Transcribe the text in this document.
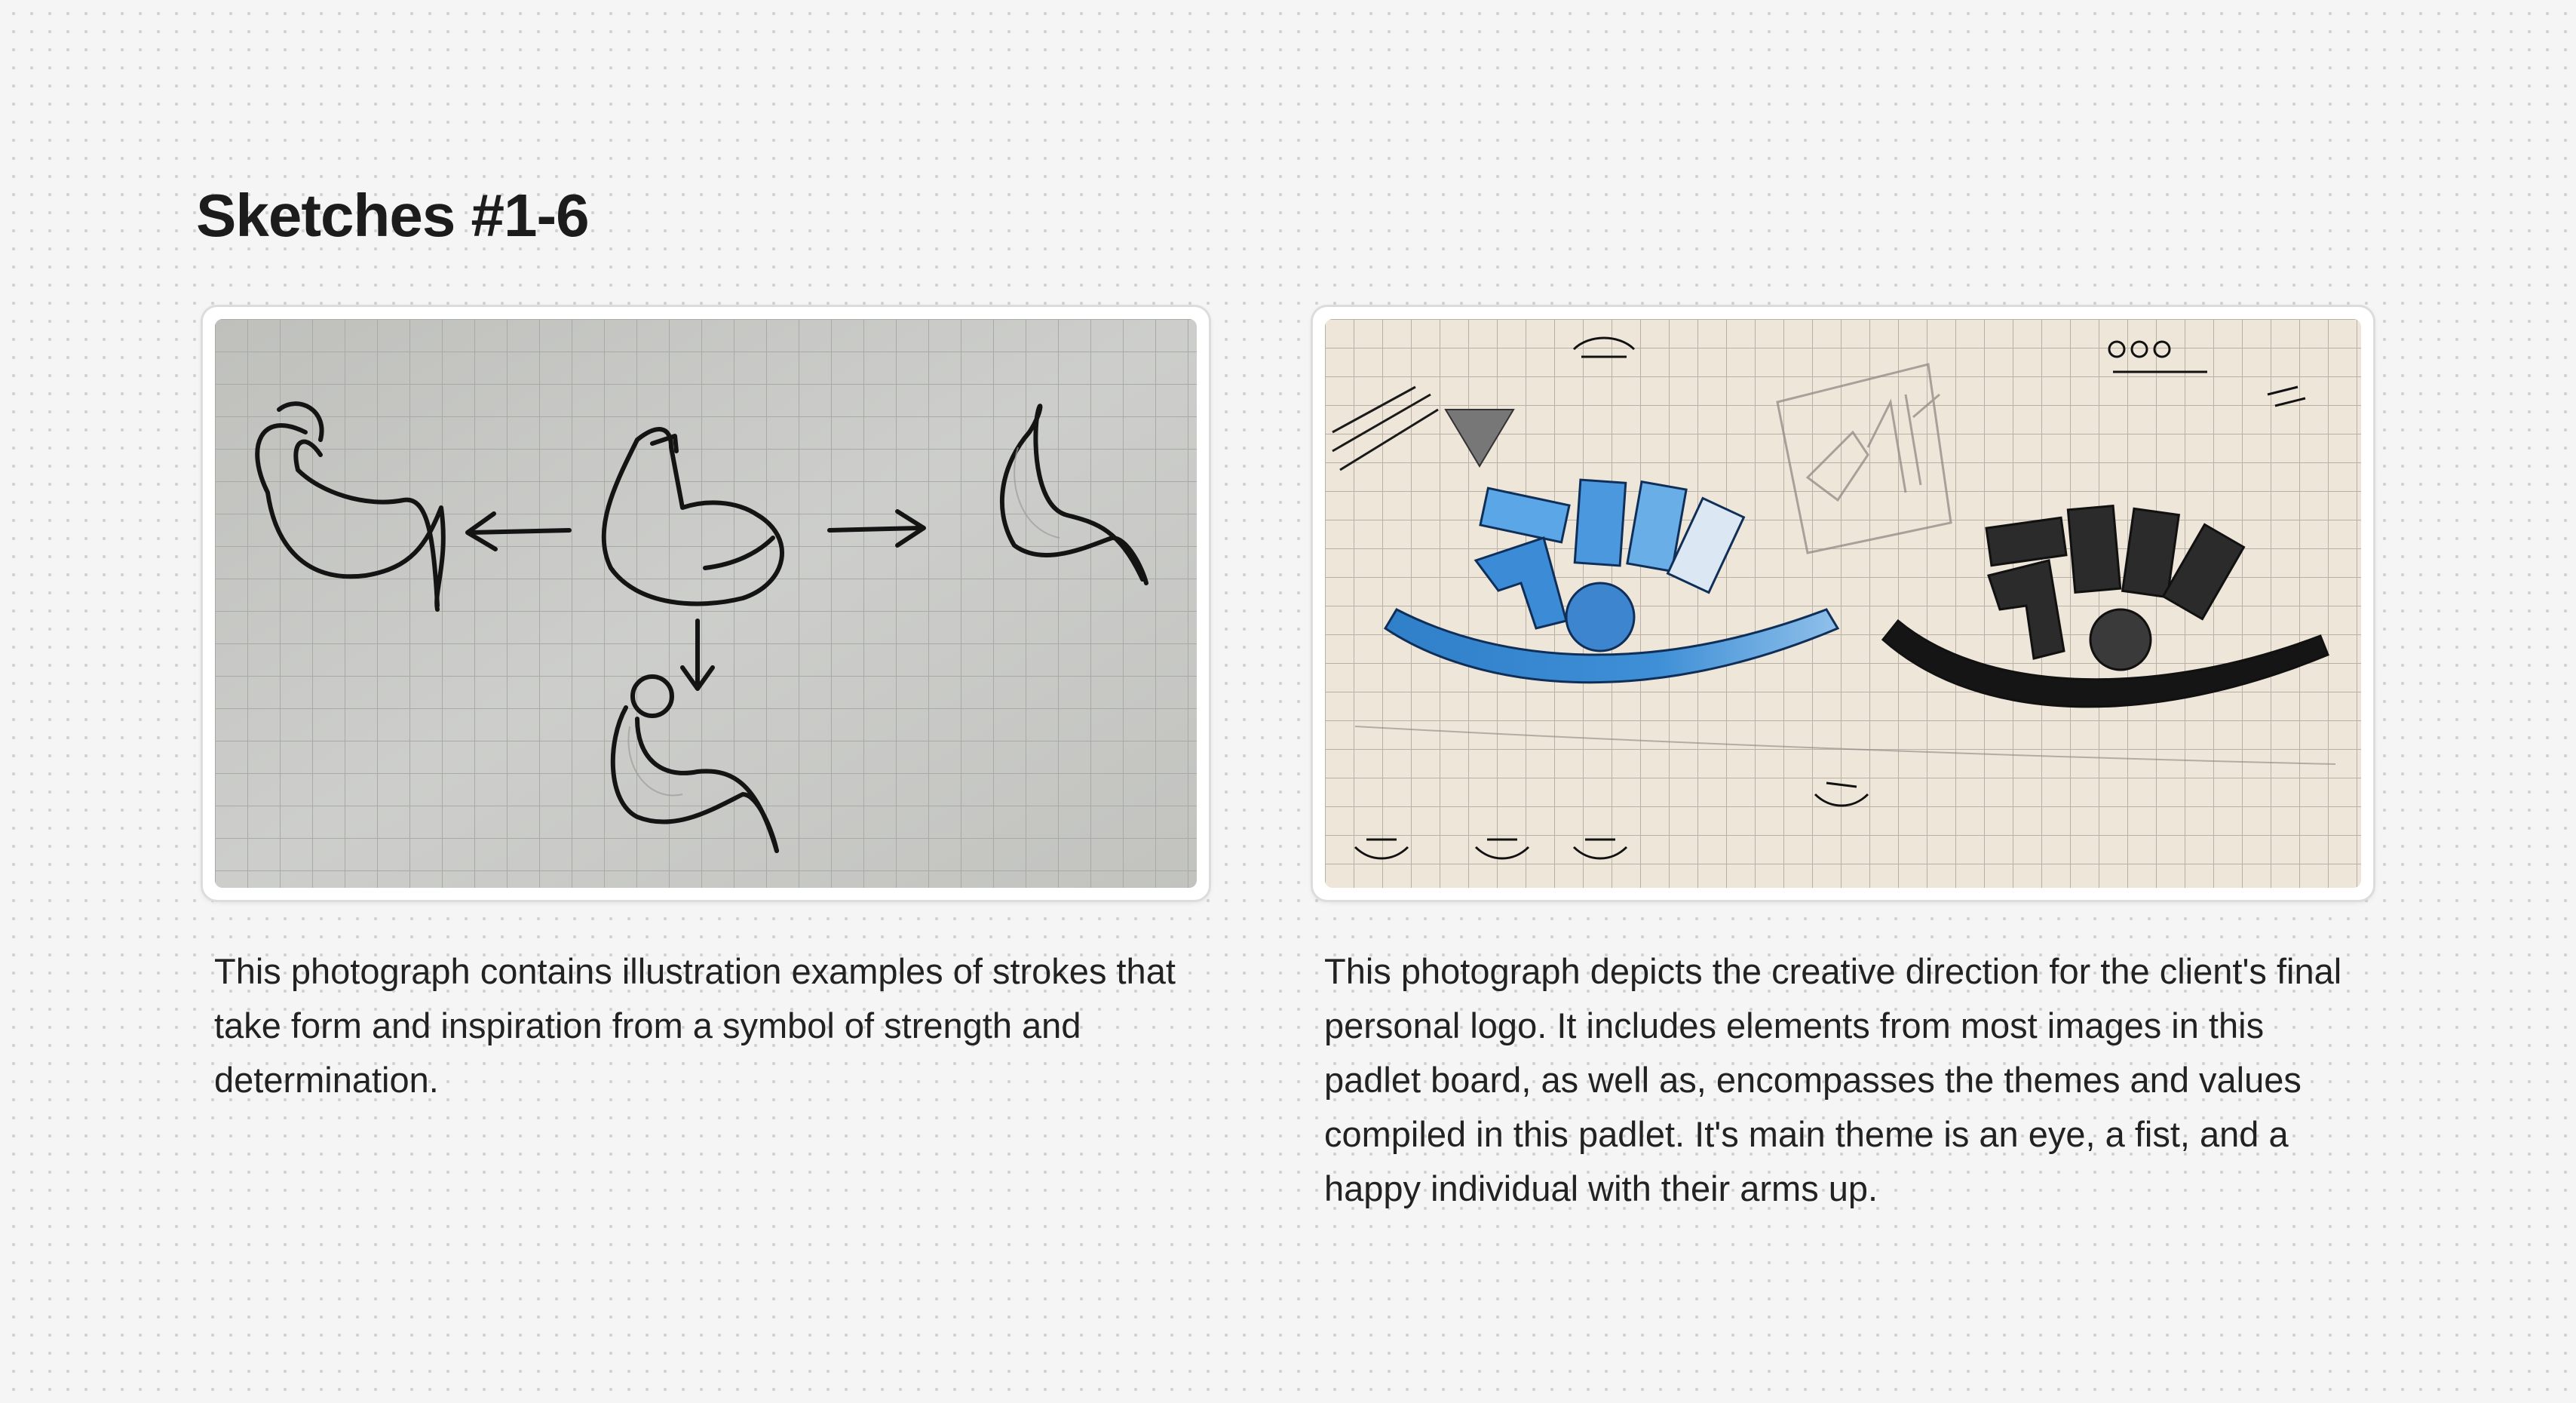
Sketches #1-6

This photograph contains illustration examples of strokes that take form and inspiration from a symbol of strength and determination.

This photograph depicts the creative direction for the client's final personal logo. It includes elements from most images in this padlet board, as well as, encompasses the themes and values compiled in this padlet. It's main theme is an eye, a fist, and a happy individual with their arms up.
